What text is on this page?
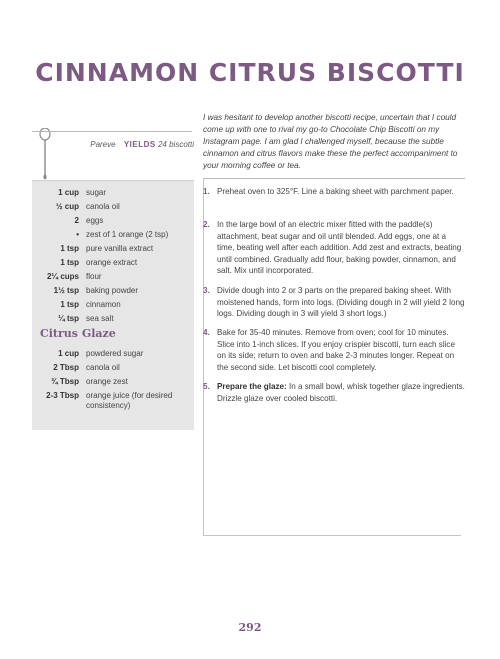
CINNAMON CITRUS BISCOTTI
Pareve YIELDS 24 biscotti
1 cup sugar
½ cup canola oil
2 eggs
• zest of 1 orange (2 tsp)
1 tsp pure vanilla extract
1 tsp orange extract
2¼ cups flour
1½ tsp baking powder
1 tsp cinnamon
¼ tsp sea salt
Citrus Glaze
1 cup powdered sugar
2 Tbsp canola oil
¾ Tbsp orange zest
2-3 Tbsp orange juice (for desired consistency)

I was hesitant to develop another biscotti recipe, uncertain that I could come up with one to rival my go-to Chocolate Chip Biscotti on my Instagram page. I am glad I challenged myself, because the subtle cinnamon and citrus flavors make these the perfect accompaniment to your morning coffee or tea.

1. Preheat oven to 325°F. Line a baking sheet with parchment paper.
2. In the large bowl of an electric mixer fitted with the paddle(s) attachment, beat sugar and oil until blended. Add eggs, one at a time, beating well after each addition. Add zest and extracts, beating until combined. Gradually add flour, baking powder, cinnamon, and salt. Mix until incorporated.
3. Divide dough into 2 or 3 parts on the prepared baking sheet. With moistened hands, form into logs. (Dividing dough in 2 will yield 2 long logs. Dividing dough in 3 will yield 3 short logs.)
4. Bake for 35-40 minutes. Remove from oven; cool for 10 minutes. Slice into 1-inch slices. If you enjoy crispier biscotti, turn each slice on its side; return to oven and bake 2-3 minutes longer. Repeat on the second side. Let biscotti cool completely.
5. Prepare the glaze: In a small bowl, whisk together glaze ingredients. Drizzle glaze over cooled biscotti.
292
